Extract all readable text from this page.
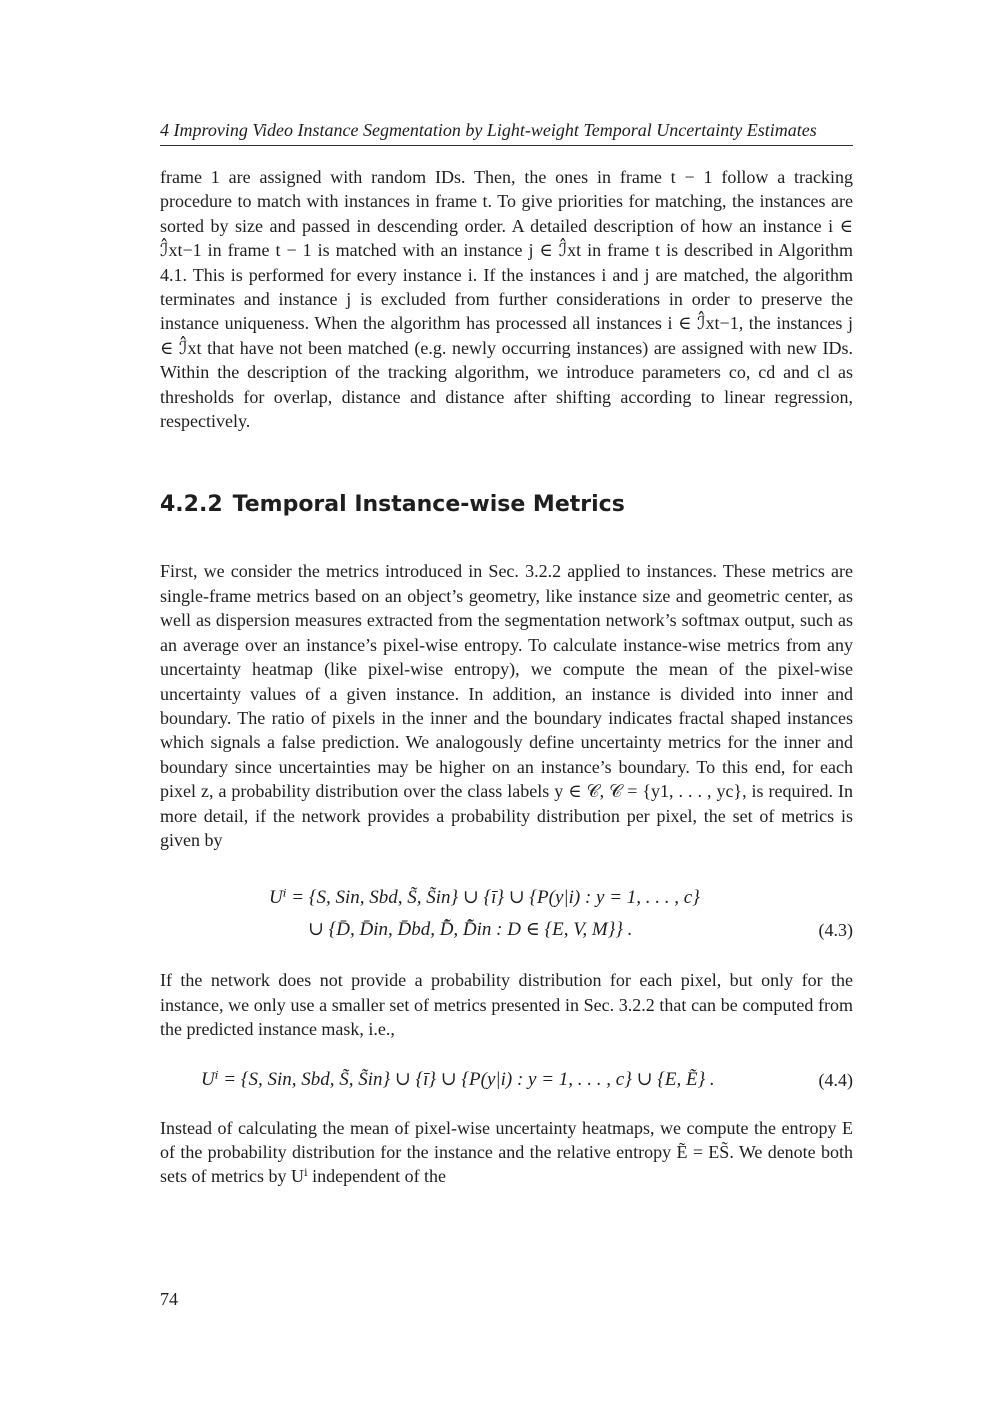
4 Improving Video Instance Segmentation by Light-weight Temporal Uncertainty Estimates

frame 1 are assigned with random IDs. Then, the ones in frame t − 1 follow a tracking procedure to match with instances in frame t. To give priorities for matching, the instances are sorted by size and passed in descending order. A detailed description of how an instance i ∈ ℐ̂xt−1 in frame t − 1 is matched with an instance j ∈ ℐ̂xt in frame t is described in Algorithm 4.1. This is performed for every instance i. If the instances i and j are matched, the algorithm terminates and instance j is excluded from further considerations in order to preserve the instance uniqueness. When the algorithm has processed all instances i ∈ ℐ̂xt−1, the instances j ∈ ℐ̂xt that have not been matched (e.g. newly occurring instances) are assigned with new IDs. Within the description of the tracking algorithm, we introduce parameters co, cd and cl as thresholds for overlap, distance and distance after shifting according to linear regression, respectively.

4.2.2 Temporal Instance-wise Metrics

First, we consider the metrics introduced in Sec. 3.2.2 applied to instances. These metrics are single-frame metrics based on an object’s geometry, like instance size and geometric center, as well as dispersion measures extracted from the segmentation network’s softmax output, such as an average over an instance’s pixel-wise entropy. To calculate instance-wise metrics from any uncertainty heatmap (like pixel-wise entropy), we compute the mean of the pixel-wise uncertainty values of a given instance. In addition, an instance is divided into inner and boundary. The ratio of pixels in the inner and the boundary indicates fractal shaped instances which signals a false prediction. We analogously define uncertainty metrics for the inner and boundary since uncertainties may be higher on an instance’s boundary. To this end, for each pixel z, a probability distribution over the class labels y ∈ 𝒞, 𝒞 = {y1, . . . , yc}, is required. In more detail, if the network provides a probability distribution per pixel, the set of metrics is given by

Uⁱ = {S, Sin, Sbd, S̃, S̃in} ∪ {ī} ∪ {P(y|i) : y = 1, . . . , c}
∪ {D̄, D̄in, D̄bd, D̄̃, D̄̃in : D ∈ {E, V, M}} .	(4.3)

If the network does not provide a probability distribution for each pixel, but only for the instance, we only use a smaller set of metrics presented in Sec. 3.2.2 that can be computed from the predicted instance mask, i.e.,

Uⁱ = {S, Sin, Sbd, S̃, S̃in} ∪ {ī} ∪ {P(y|i) : y = 1, . . . , c} ∪ {E, Ẽ} .	(4.4)

Instead of calculating the mean of pixel-wise uncertainty heatmaps, we compute the entropy E of the probability distribution for the instance and the relative entropy Ẽ = ES̃. We denote both sets of metrics by Uⁱ independent of the

74
